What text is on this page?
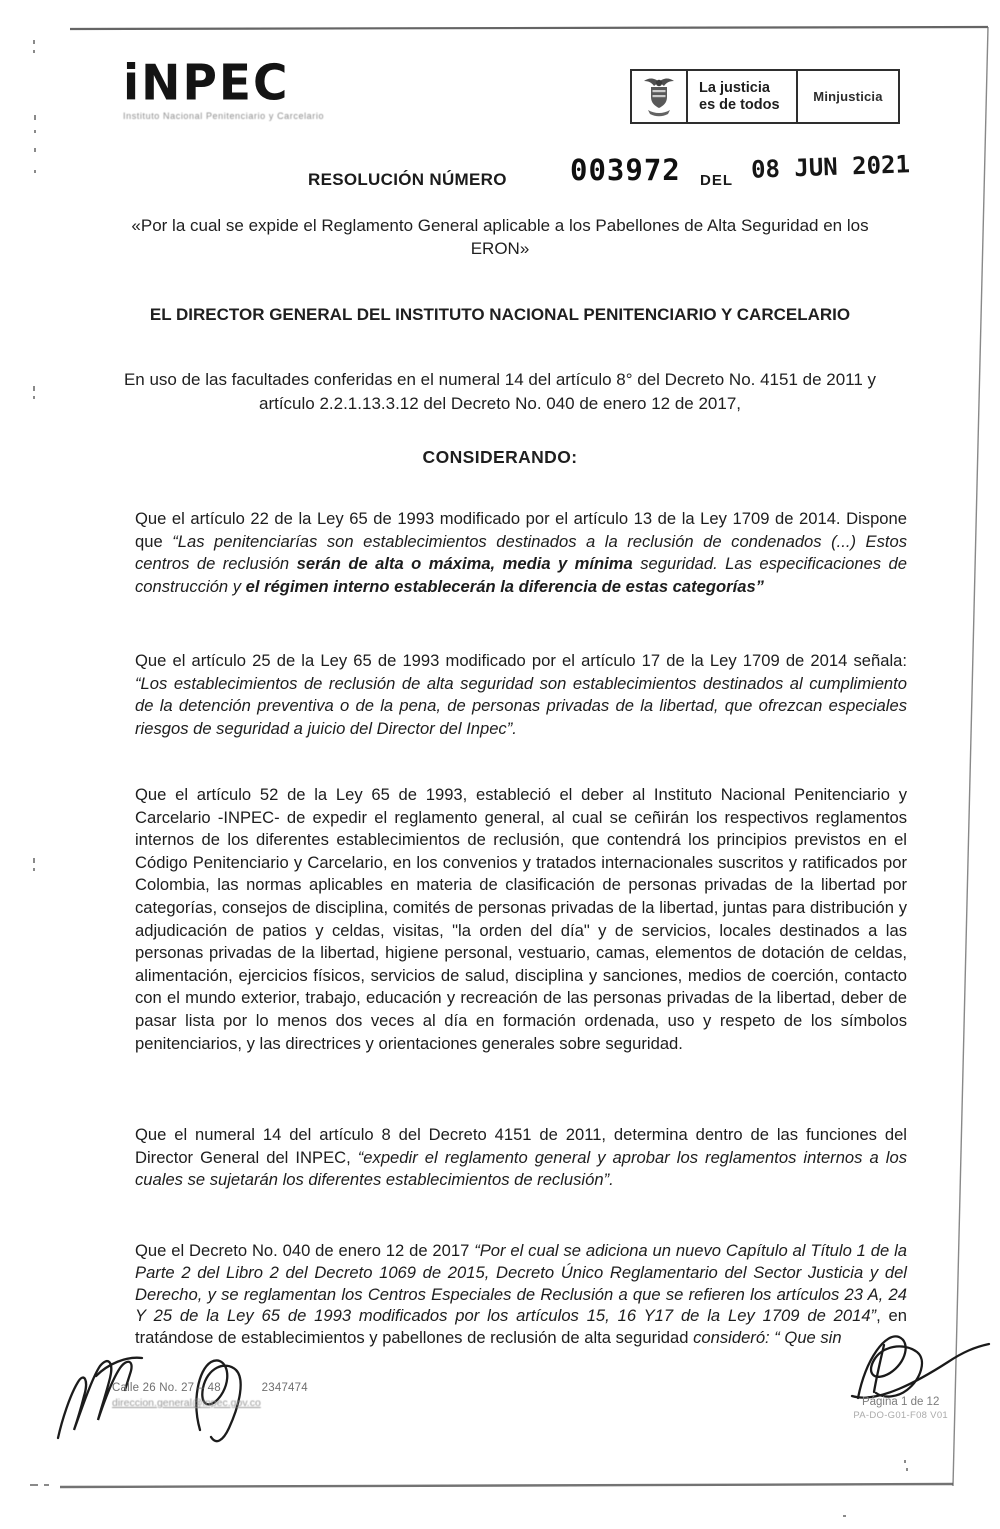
iNPEC
Instituto Nacional Penitenciario y Carcelario
La justicia
es de todos	Minjusticia
RESOLUCIÓN NÚMERO 003972 DEL 08 JUN 2021
«Por la cual se expide el Reglamento General aplicable a los Pabellones de Alta Seguridad en los ERON»
EL DIRECTOR GENERAL DEL INSTITUTO NACIONAL PENITENCIARIO Y CARCELARIO
En uso de las facultades conferidas en el numeral 14 del artículo 8° del Decreto No. 4151 de 2011 y artículo 2.2.1.13.3.12 del Decreto No. 040 de enero 12 de 2017,
CONSIDERANDO:
Que el artículo 22 de la Ley 65 de 1993 modificado por el artículo 13 de la Ley 1709 de 2014. Dispone que “Las penitenciarías son establecimientos destinados a la reclusión de condenados (...) Estos centros de reclusión serán de alta o máxima, media y mínima seguridad. Las especificaciones de construcción y el régimen interno establecerán la diferencia de estas categorías”
Que el artículo 25 de la Ley 65 de 1993 modificado por el artículo 17 de la Ley 1709 de 2014 señala: “Los establecimientos de reclusión de alta seguridad son establecimientos destinados al cumplimiento de la detención preventiva o de la pena, de personas privadas de la libertad, que ofrezcan especiales riesgos de seguridad a juicio del Director del Inpec”.
Que el artículo 52 de la Ley 65 de 1993, estableció el deber al Instituto Nacional Penitenciario y Carcelario -INPEC- de expedir el reglamento general, al cual se ceñirán los respectivos reglamentos internos de los diferentes establecimientos de reclusión, que contendrá los principios previstos en el Código Penitenciario y Carcelario, en los convenios y tratados internacionales suscritos y ratificados por Colombia, las normas aplicables en materia de clasificación de personas privadas de la libertad por categorías, consejos de disciplina, comités de personas privadas de la libertad, juntas para distribución y adjudicación de patios y celdas, visitas, "la orden del día" y de servicios, locales destinados a las personas privadas de la libertad, higiene personal, vestuario, camas, elementos de dotación de celdas, alimentación, ejercicios físicos, servicios de salud, disciplina y sanciones, medios de coerción, contacto con el mundo exterior, trabajo, educación y recreación de las personas privadas de la libertad, deber de pasar lista por lo menos dos veces al día en formación ordenada, uso y respeto de los símbolos penitenciarios, y las directrices y orientaciones generales sobre seguridad.
Que el numeral 14 del artículo 8 del Decreto 4151 de 2011, determina dentro de las funciones del Director General del INPEC, “expedir el reglamento general y aprobar los reglamentos internos a los cuales se sujetarán los diferentes establecimientos de reclusión”.
Que el Decreto No. 040 de enero 12 de 2017 “Por el cual se adiciona un nuevo Capítulo al Título 1 de la Parte 2 del Libro 2 del Decreto 1069 de 2015, Decreto Único Reglamentario del Sector Justicia y del Derecho, y se reglamentan los Centros Especiales de Reclusión a que se refieren los artículos 23 A, 24 Y 25 de la Ley 65 de 1993 modificados por los artículos 15, 16 Y17 de la Ley 1709 de 2014”, en tratándose de establecimientos y pabellones de reclusión de alta seguridad consideró: “ Que sin
Calle 26 No. 27 – 48	2347474
direccion.general@inpec.gov.co	Página 1 de 12
PA-DO-G01-F08 V01
